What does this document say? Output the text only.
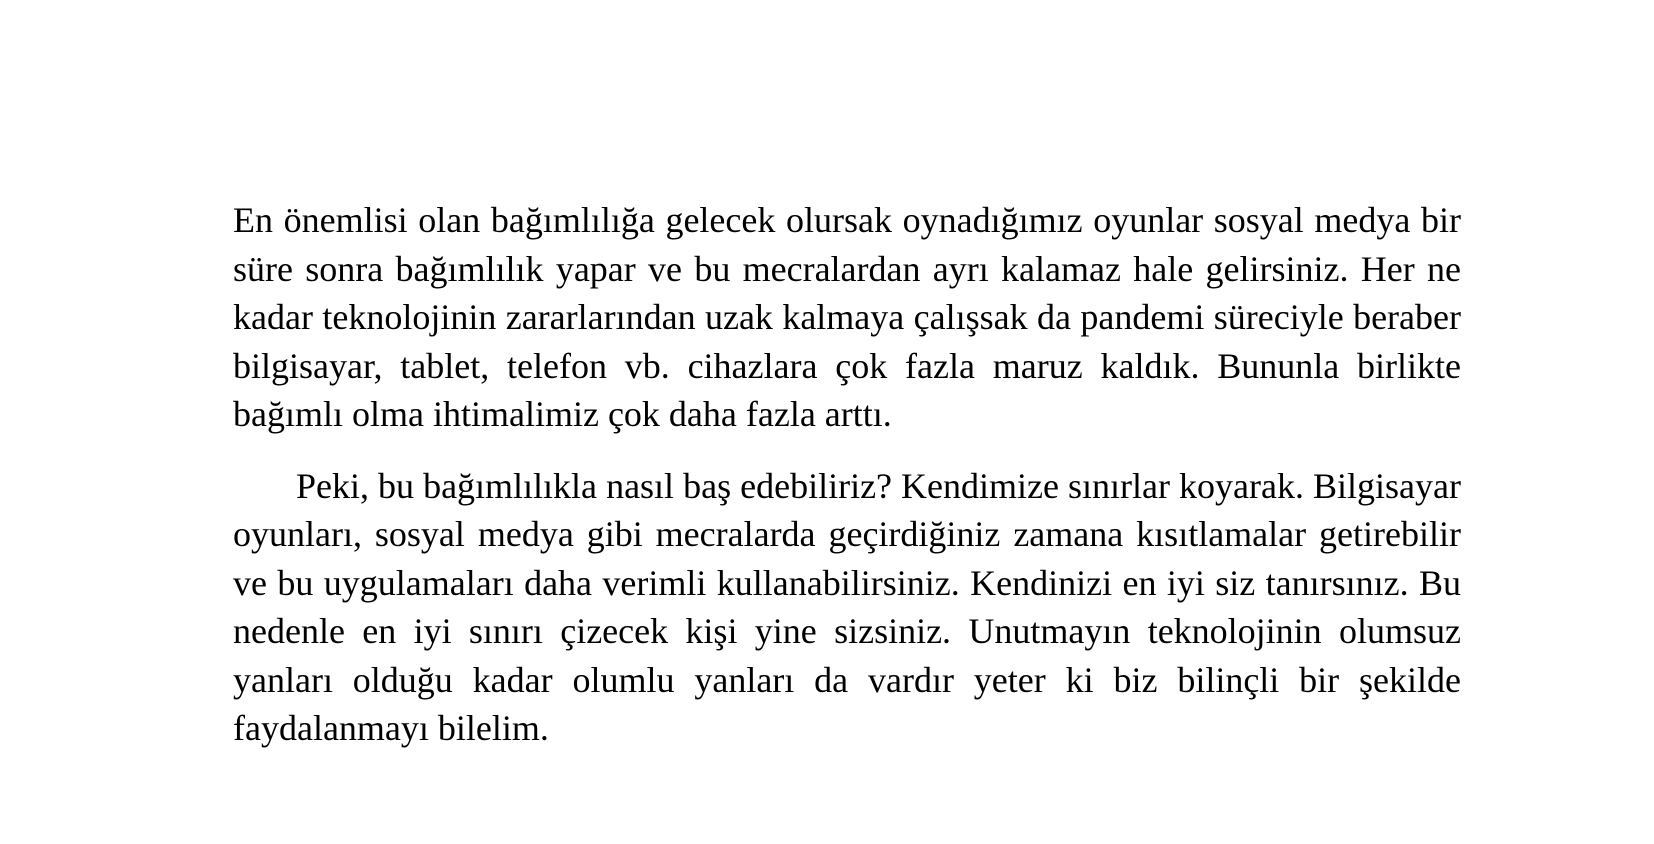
En önemlisi olan bağımlılığa gelecek olursak oynadığımız oyunlar sosyal medya bir süre sonra bağımlılık yapar ve bu mecralardan ayrı kalamaz hale gelirsiniz. Her ne kadar teknolojinin zararlarından uzak kalmaya çalışsak da pandemi süreciyle beraber bilgisayar, tablet, telefon vb. cihazlara çok fazla maruz kaldık. Bununla birlikte bağımlı olma ihtimalimiz çok daha fazla arttı.

Peki, bu bağımlılıkla nasıl baş edebiliriz? Kendimize sınırlar koyarak. Bilgisayar oyunları, sosyal medya gibi mecralarda geçirdiğiniz zamana kısıtlamalar getirebilir ve bu uygulamaları daha verimli kullanabilirsiniz. Kendinizi en iyi siz tanırsınız. Bu nedenle en iyi sınırı çizecek kişi yine sizsiniz. Unutmayın teknolojinin olumsuz yanları olduğu kadar olumlu yanları da vardır yeter ki biz bilinçli bir şekilde faydalanmayı bilelim.
